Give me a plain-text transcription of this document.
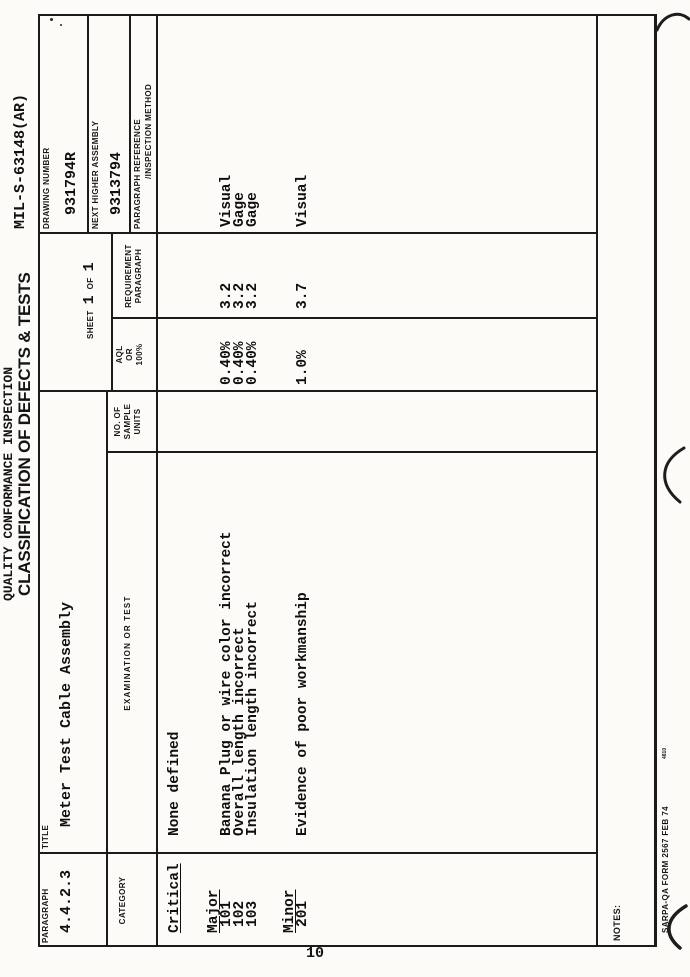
QUALITY CONFORMANCE INSPECTION CLASSIFICATION OF DEFECTS & TESTS
MIL-S-63148(AR)
PARAGRAPH 4.4.2.3
TITLE
Meter Test Cable Assembly
SHEET
1
OF
1
DRAWING NUMBER 931794R NEXT HIGHER ASSEMBLY 9313794
CATEGORY
EXAMINATION OR TEST
NO. OF SAMPLE UNITS
AQL OR 100%
REQUIREMENT PARAGRAPH
PARAGRAPH REFERENCE /INSPECTION METHOD
Critical
None defined
Major
101
Banana Plug or wire color incorrect
0.40%
3.2
Visual
102
Overall length incorrect
0.40%
3.2
Gage
103
Insulation length incorrect
0.40%
3.2
Gage
Minor
201
Evidence of poor workmanship
1.0%
3.7
Visual
NOTES:	SARPA-QA FORM 2567 FEB 74
4810
10
